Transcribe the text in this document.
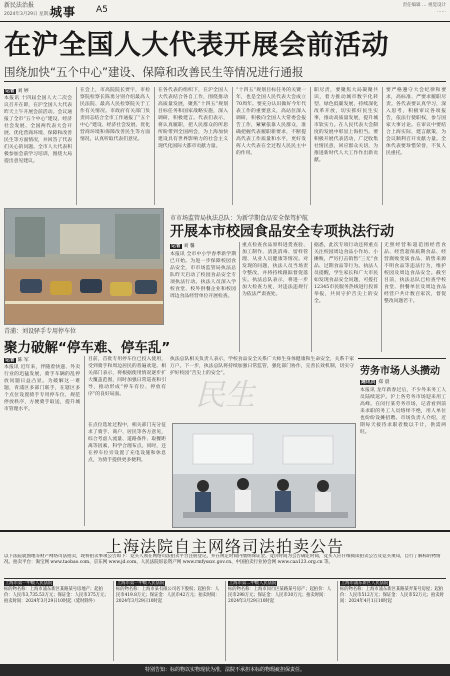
新民法治报
2024年3月29日 星期五
城事 A5	责任编辑 … 视觉设计
……
在沪全国人大代表开展会前活动
围绕加快“五个中心”建设、保障和改善民生等情况进行通报
记者 刘 婷
本报讯 十四届全国人大二次会议召开在即，在沪全国人大代表昨天上午开展会前活动。会议通报了全市“五个中心”建设、经济社会发展、全国两代表大会开展、优化营商环境、保障和改善民生等方面情况，并回答了代表们关心的问题。全市人大代表积极参加会前学习培训，围绕大局提出意见建议。
在会上，市高院院长贾宇，市检察院检察长陈勇分别介绍最高人民法院、最高人民检察院关于工作有关情况。市政府有关部门负责同志结合全市工作通报了“五个中心”建设、经济社会发展、优化营商环境和保障改善民生等方面情况，认真听取代表们意见。
在各代表的组织下，在沪全国人大代表结合各自工作，围绕推动高质量发展，聚焦“十四五”规划目标任务和国家战略实施，深入调研，积极建言。代表们表示，将认真履职，把人民群众的所思所盼带到全国两会，为上海加快建设具有世界影响力的社会主义现代化国际大都市贡献力量。
“十四五”规划目标任务的关键一年，也是全国人民代表大会成立70周年。要充分认识做好今年代表工作的重要意义，高站位深入调研，积极向全国人大常委会报告工作，紧紧依靠人民群众，准确把握代表履职新要求，不断提高代表工作质量和水平，更好发挥人大代表在全过程人民民主中的作用。
职尽责，要聚焦大局凝聚共识，着力推动城市数字化转型、绿色低碳发展，持续深化改革开放，切实抓好民生实事，推动高质量发展，提升城市软实力。在人民代表大会制度的发展中彰显上海担当。要积极开展代表活动，广泛收集社情民意，回应群众关切，为推进新时代人大工作作出新贡献。
要严格遵守大会纪律和要求，高标准、严要求履职尽责。各代表要认真学习，深入思考，积极审议各项报告，依法行使职权，参与国家大事讨论。在审议中要结合上海实际，建言献策，为会议顺利召开贡献力量。全体代表要珍惜荣誉，不负人民重托。
市市场监管局执法总队：为新学期食品安全保驾护航
开展本市校园食品安全专项执法行动
记者 刘 馨
本报讯 全市中小学春季新学期已开始。为进一步保障校园食品安全，市市场监管局执法总队昨天启动了校园食品安全专项执法行动。执法人员深入学校食堂、校外供餐企业和校园周边食品经营单位开展检查。
重点检查食品原料进货查验、加工制作、清洗消毒、留样管理、从业人员健康等情况。对发现的问题，执法人员当场责令整改，并将持续跟踪督促落实。执法总队表示，将进一步加大检查力度，对违法违规行为依法严肃查处。
据悉，此次专项行动还将重点关注校园周边食品小作坊、小摊贩，严厉打击销售“三无”食品、过期食品等行为。执法人员提醒，学生家长和广大市民如发现食品安全问题，可拨打12345市民服务热线进行投诉举报，共同守护舌尖上的安全。
无照经营和超范围经营食品、经营超保质期食品、经营腐败变质食品、销售来源不明食品等违法行为，维护校园及周边食品安全。截至目前，执法总队已检查学校食堂、供餐单位及周边食品经营户共计数百家次，督促整改问题若干。
执法总队相关负责人表示，学校食品安全关系广大师生身体健康和生命安全，关系千家万户。下一步，执法总队将持续加强日常监管，强化部门协作，完善长效机制，切实守护好校园“舌尖上的安全”。
民生
青浦：刘设驿手专用停车位
聚力破解“停车难、停车乱”
记者 陈 军
本报讯 近年来，伴随着快递、外卖行业的迅猛发展，骑手车辆的乱停放问题日益凸显。为破解这一难题，青浦区多部门联手，在辖区多个点位设置骑手专用停车位，规范停放秩序，方便骑手取送，提升城市管理水平。
目前，首批专用停车位已投入使用，受到骑手和周边居民的普遍欢迎。相关部门表示，将根据使用情况逐步扩大覆盖范围，同时加强日常巡查和引导，推动形成“停车有位、停放有序”的良好局面。
在点位选址过程中，相关部门充分征求了骑手、商户、居民等各方意见，综合考虑人流量、道路条件、取餐距离等因素，科学合理布点。同时，还在停车位旁设置了充电设施和休息点，为骑手提供更多便利。
劳务市场人头攒动
通讯员 郑 晨
本报讯 龙年新春过后，不少外来务工人员陆续返沪。沪上各劳务市场迎来用工高峰。在闵行某劳务市场，记者看到前来求职的务工人员络绎不绝，用人单位也纷纷设摊招聘。市场负责人介绍，近期每天接待求职者数以千计，供需两旺。
上海法院自主网络司法拍卖公告
以下法院就图地等财产网络司法拍卖，现将拍卖事项公告如下：竞买人须在网络司法拍卖平台注册登记，并在规定时间内缴纳保证金。竞价时间为公告确定时间，竞买人应仔细阅读拍卖公告及竞买须知，自行了解标的物情况。拍卖平台：淘宝网 www.taobao.com、京东网 www.jd.com、人民法院诉讼资产网 www.rmfysszc.gov.cn、中国拍卖行业协会网 www.caa123.org.cn 等。
上海市第一中级人民法院
标的物名称：上海市浦东新区某路某号房地产；起拍价：人民币3,735.53万元；保证金：人民币375万元；拍卖时间：2024年3月29日10时起（延时除外）
上海市第一中级人民法院
标的物名称：上海市某有限公司名下股权；起拍价：人民币419.8万元；保证金：人民币42万元；拍卖时间：2024年3月29日10时起
上海市第二中级人民法院
标的物名称：上海市闵行区某路某号房产；起拍价：人民币298万元；保证金：人民币30万元；拍卖时间：2024年3月29日10时起
上海市浦东新区人民法院
标的物名称：上海市浦东新区某路某弄某号房屋；起拍价：人民币512万元；保证金：人民币52万元；拍卖时间：2024年4月1日10时起
特别告知：标的物以实物现状为准，法院不承担本标的物瑕疵担保责任。
